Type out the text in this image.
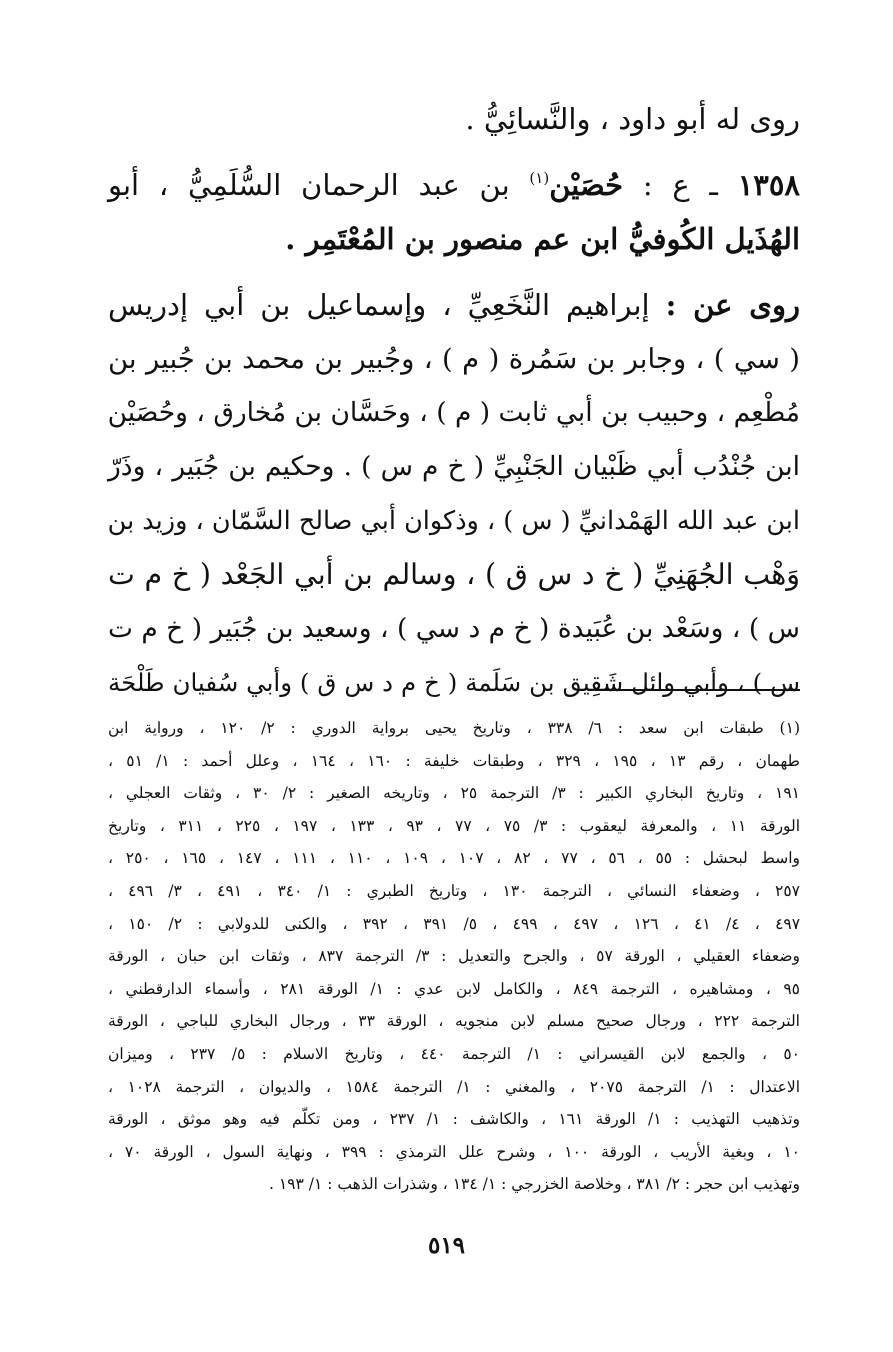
روى له أبو داود ، والنَّسائِيُّ .
١٣٥٨ ـ ع : حُصَيْن$^{(١)}$ بن عبد الرحمان السُّلَمِيُّ ، أبو
الهُذَيل الكُوفيُّ ابن عم منصور بن المُعْتَمِر .
روى عن : إبراهيم النَّخَعِيِّ ، وإسماعيل بن أبي إدريس
( سي ) ، وجابر بن سَمُرة ( م ) ، وجُبير بن محمد بن جُبير بن
مُطْعِم ، وحبيب بن أبي ثابت ( م ) ، وحَسَّان بن مُخارق ، وحُصَيْن
ابن جُنْدُب أبي ظَبْيان الجَنْبِيِّ ( خ م س ) . وحكيم بن جُبَير ، وذَرّ
ابن عبد الله الهَمْدانيِّ ( س ) ، وذكوان أبي صالح السَّمّان ، وزيد بن
وَهْب الجُهَنِيِّ ( خ د س ق ) ، وسالم بن أبي الجَعْد ( خ م ت
س ) ، وسَعْد بن عُبَيدة ( خ م د سي ) ، وسعيد بن جُبَير ( خ م ت
س ) ، وأبي وائل شَقِيق بن سَلَمة ( خ م د س ق ) وأبي سُفيان طَلْحَة
(١) طبقات ابن سعد : ٦/ ٣٣٨ ، وتاريخ يحيى برواية الدوري : ٢/ ١٢٠ ، ورواية ابن
طهمان ، رقم ١٣ ، ١٩٥ ، ٣٢٩ ، وطبقات خليفة : ١٦٠ ، ١٦٤ ، وعلل أحمد : ١/ ٥١ ،
١٩١ ، وتاريخ البخاري الكبير : ٣/ الترجمة ٢٥ ، وتاريخه الصغير : ٢/ ٣٠ ، وثقات العجلي ،
الورقة ١١ ، والمعرفة ليعقوب : ٣/ ٧٥ ، ٧٧ ، ٩٣ ، ١٣٣ ، ١٩٧ ، ٢٢٥ ، ٣١١ ، وتاريخ
واسط لبحشل : ٥٥ ، ٥٦ ، ٧٧ ، ٨٢ ، ١٠٧ ، ١٠٩ ، ١١٠ ، ١١١ ، ١٤٧ ، ١٦٥ ، ٢٥٠ ،
٢٥٧ ، وضعفاء النسائي ، الترجمة ١٣٠ ، وتاريخ الطبري : ١/ ٣٤٠ ، ٤٩١ ، ٣/ ٤٩٦ ،
٤٩٧ ، ٤/ ٤١ ، ١٢٦ ، ٤٩٧ ، ٤٩٩ ، ٥/ ٣٩١ ، ٣٩٢ ، والكنى للدولابي : ٢/ ١٥٠ ،
وضعفاء العقيلي ، الورقة ٥٧ ، والجرح والتعديل : ٣/ الترجمة ٨٣٧ ، وثقات ابن حبان ، الورقة
٩٥ ، ومشاهيره ، الترجمة ٨٤٩ ، والكامل لابن عدي : ١/ الورقة ٢٨١ ، وأسماء الدارقطني ،
الترجمة ٢٢٢ ، ورجال صحيح مسلم لابن منجويه ، الورقة ٣٣ ، ورجال البخاري للباجي ، الورقة
٥٠ ، والجمع لابن القيسراني : ١/ الترجمة ٤٤٠ ، وتاريخ الاسلام : ٥/ ٢٣٧ ، وميزان
الاعتدال : ١/ الترجمة ٢٠٧٥ ، والمغني : ١/ الترجمة ١٥٨٤ ، والديوان ، الترجمة ١٠٢٨ ،
وتذهيب التهذيب : ١/ الورقة ١٦١ ، والكاشف : ١/ ٢٣٧ ، ومن تكلّم فيه وهو موثق ، الورقة
١٠ ، وبغية الأريب ، الورقة ١٠٠ ، وشرح علل الترمذي : ٣٩٩ ، ونهاية السول ، الورقة ٧٠ ،
وتهذيب ابن حجر : ٢/ ٣٨١ ، وخلاصة الخزرجي : ١/ ١٣٤ ، وشذرات الذهب : ١/ ١٩٣ .
٥١٩
